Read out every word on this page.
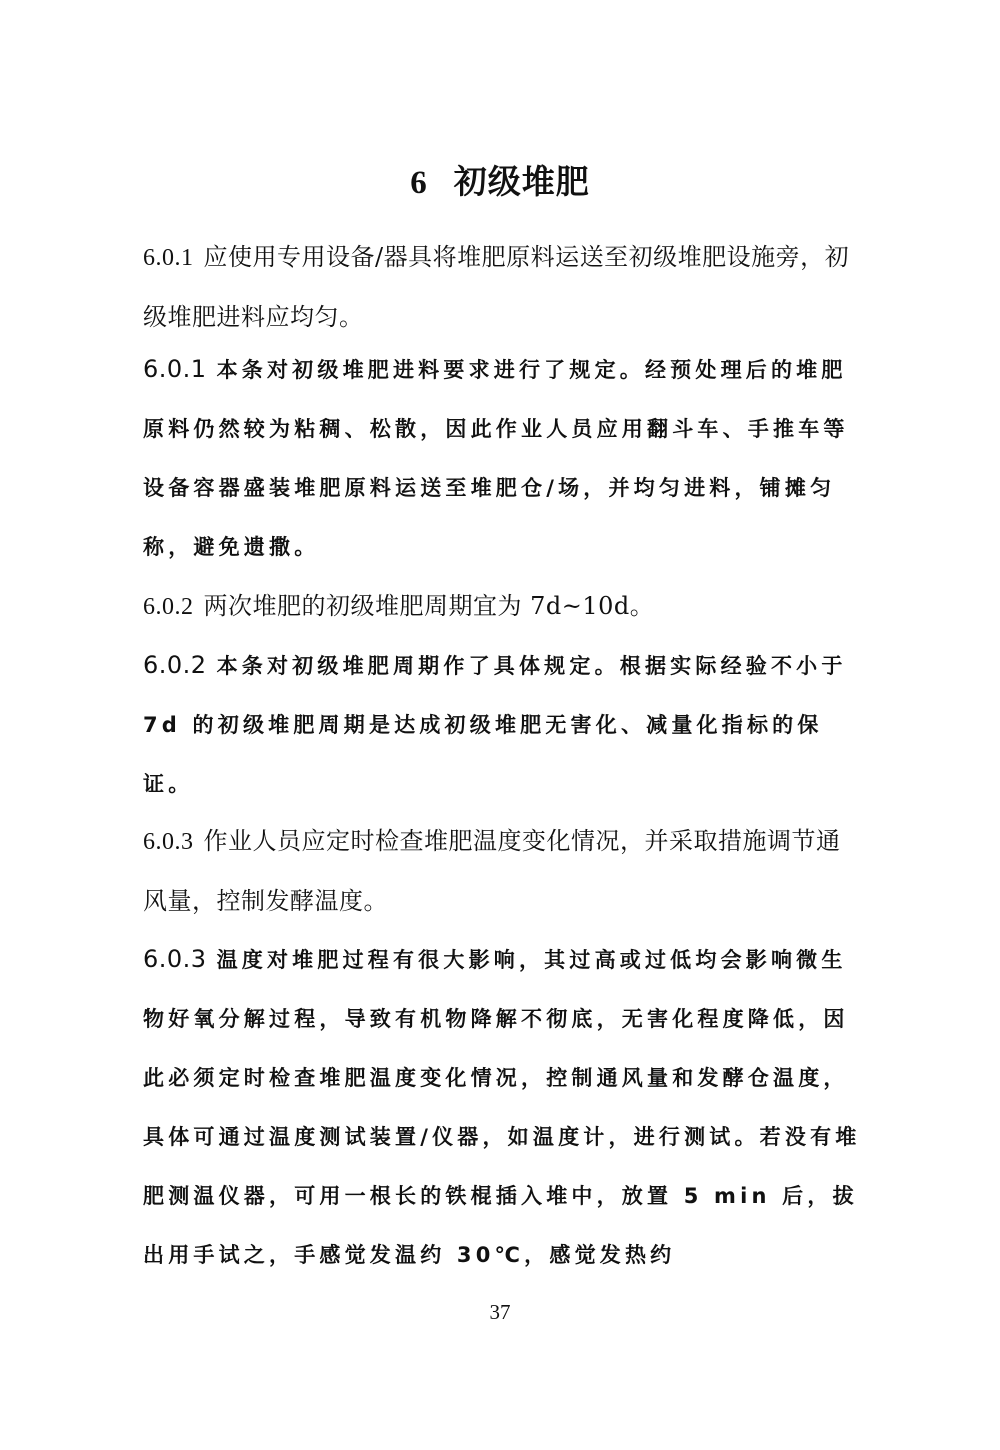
6 初级堆肥

6.0.1 应使用专用设备/器具将堆肥原料运送至初级堆肥设施旁，初级堆肥进料应均匀。

6.0.1 本条对初级堆肥进料要求进行了规定。经预处理后的堆肥原料仍然较为粘稠、松散，因此作业人员应用翻斗车、手推车等设备容器盛装堆肥原料运送至堆肥仓/场，并均匀进料，铺摊匀称，避免遗撒。

6.0.2 两次堆肥的初级堆肥周期宜为 7d~10d。

6.0.2 本条对初级堆肥周期作了具体规定。根据实际经验不小于 7d 的初级堆肥周期是达成初级堆肥无害化、减量化指标的保证。

6.0.3 作业人员应定时检查堆肥温度变化情况，并采取措施调节通风量，控制发酵温度。

6.0.3 温度对堆肥过程有很大影响，其过高或过低均会影响微生物好氧分解过程，导致有机物降解不彻底，无害化程度降低，因此必须定时检查堆肥温度变化情况，控制通风量和发酵仓温度，具体可通过温度测试装置/仪器，如温度计，进行测试。若没有堆肥测温仪器，可用一根长的铁棍插入堆中，放置 5 min 后，拔出用手试之，手感觉发温约 30℃，感觉发热约

37
